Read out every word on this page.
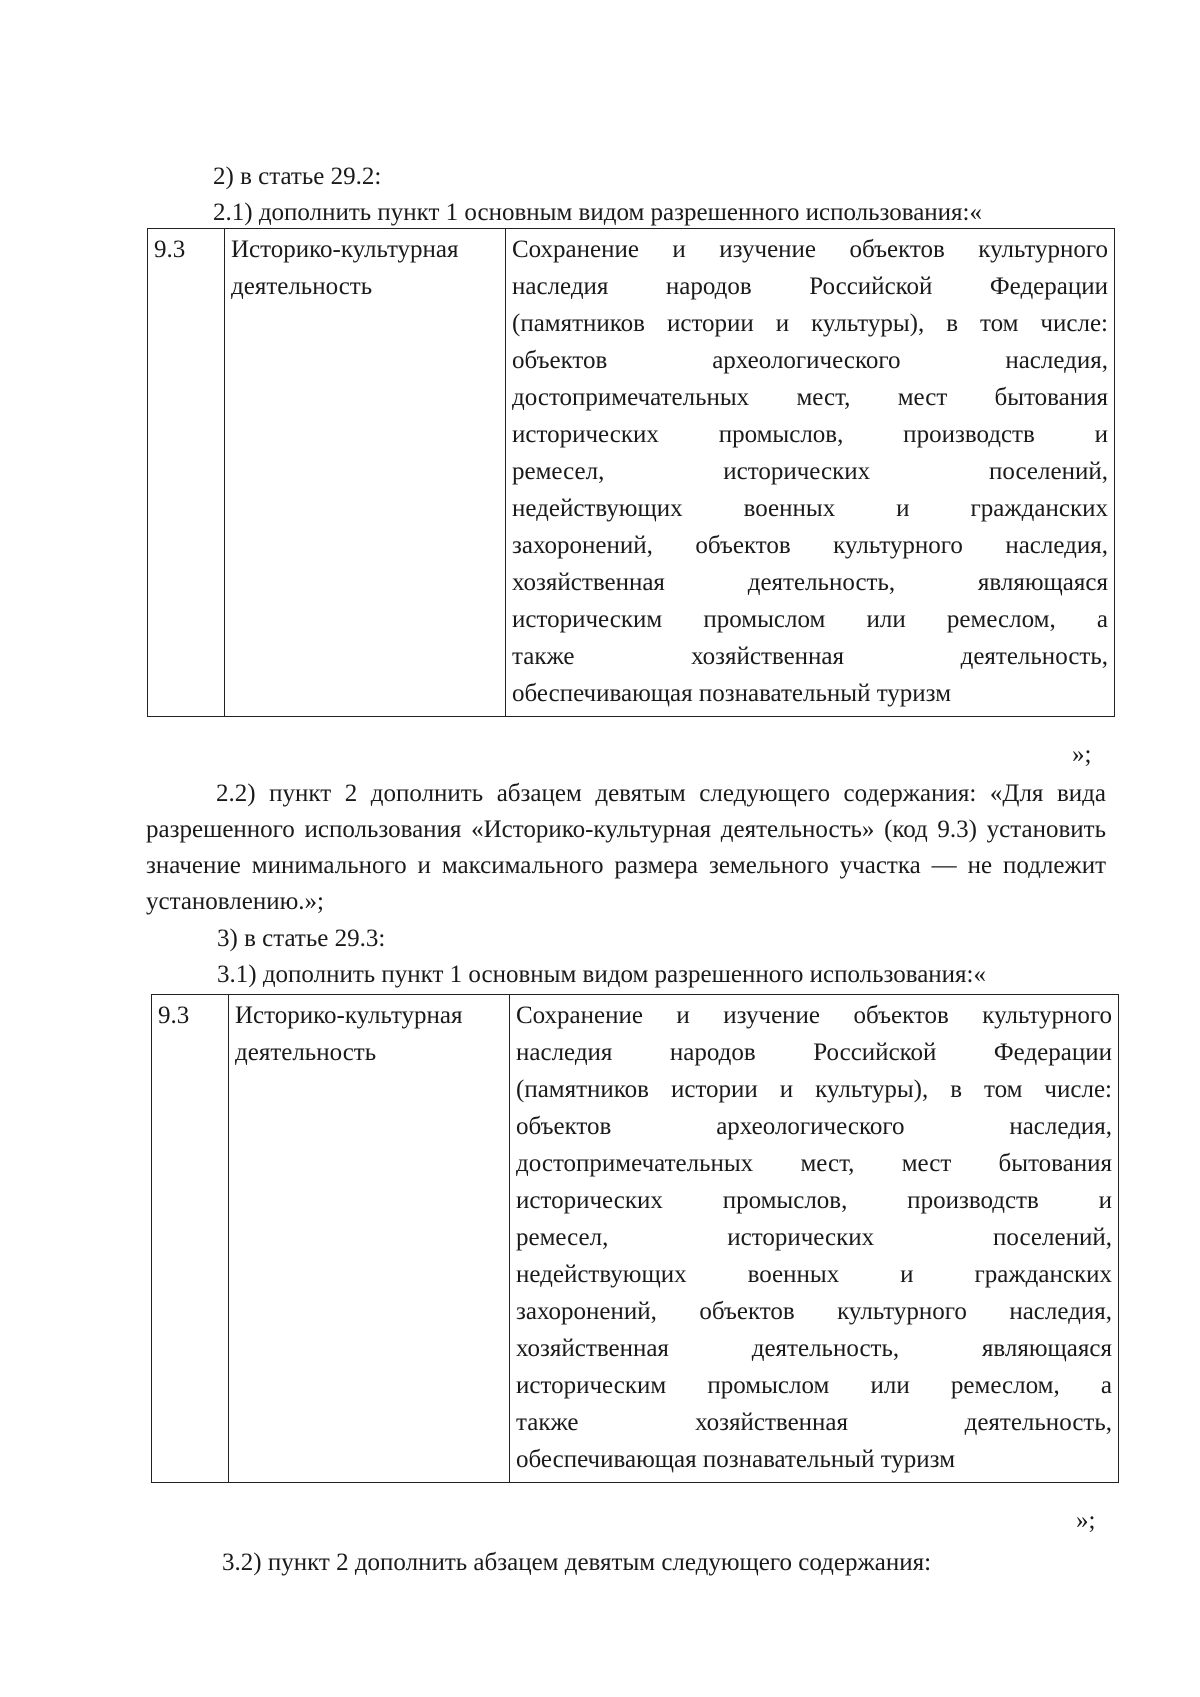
2) в статье 29.2:
2.1) дополнить пункт 1 основным видом разрешенного использования:«
9.3	Историко-культурная
деятельность

Сохранение и изучение объектов культурного
наследия народов Российской Федерации
(памятников истории и культуры), в том числе:
объектов археологического наследия,
достопримечательных мест, мест бытования
исторических промыслов, производств и
ремесел, исторических поселений,
недействующих военных и гражданских
захоронений, объектов культурного наследия,
хозяйственная деятельность, являющаяся
историческим промыслом или ремеслом, а
также хозяйственная деятельность,
обеспечивающая познавательный туризм
»;
2.2) пункт 2 дополнить абзацем девятым следующего содержания: «Для вида разрешенного использования «Историко-культурная деятельность» (код 9.3) установить значение минимального и максимального размера земельного участка — не подлежит установлению.»;
3) в статье 29.3:
3.1) дополнить пункт 1 основным видом разрешенного использования:«
9.3	Историко-культурная
деятельность

Сохранение и изучение объектов культурного
наследия народов Российской Федерации
(памятников истории и культуры), в том числе:
объектов археологического наследия,
достопримечательных мест, мест бытования
исторических промыслов, производств и
ремесел, исторических поселений,
недействующих военных и гражданских
захоронений, объектов культурного наследия,
хозяйственная деятельность, являющаяся
историческим промыслом или ремеслом, а
также хозяйственная деятельность,
обеспечивающая познавательный туризм
»;
3.2) пункт 2 дополнить абзацем девятым следующего содержания:
